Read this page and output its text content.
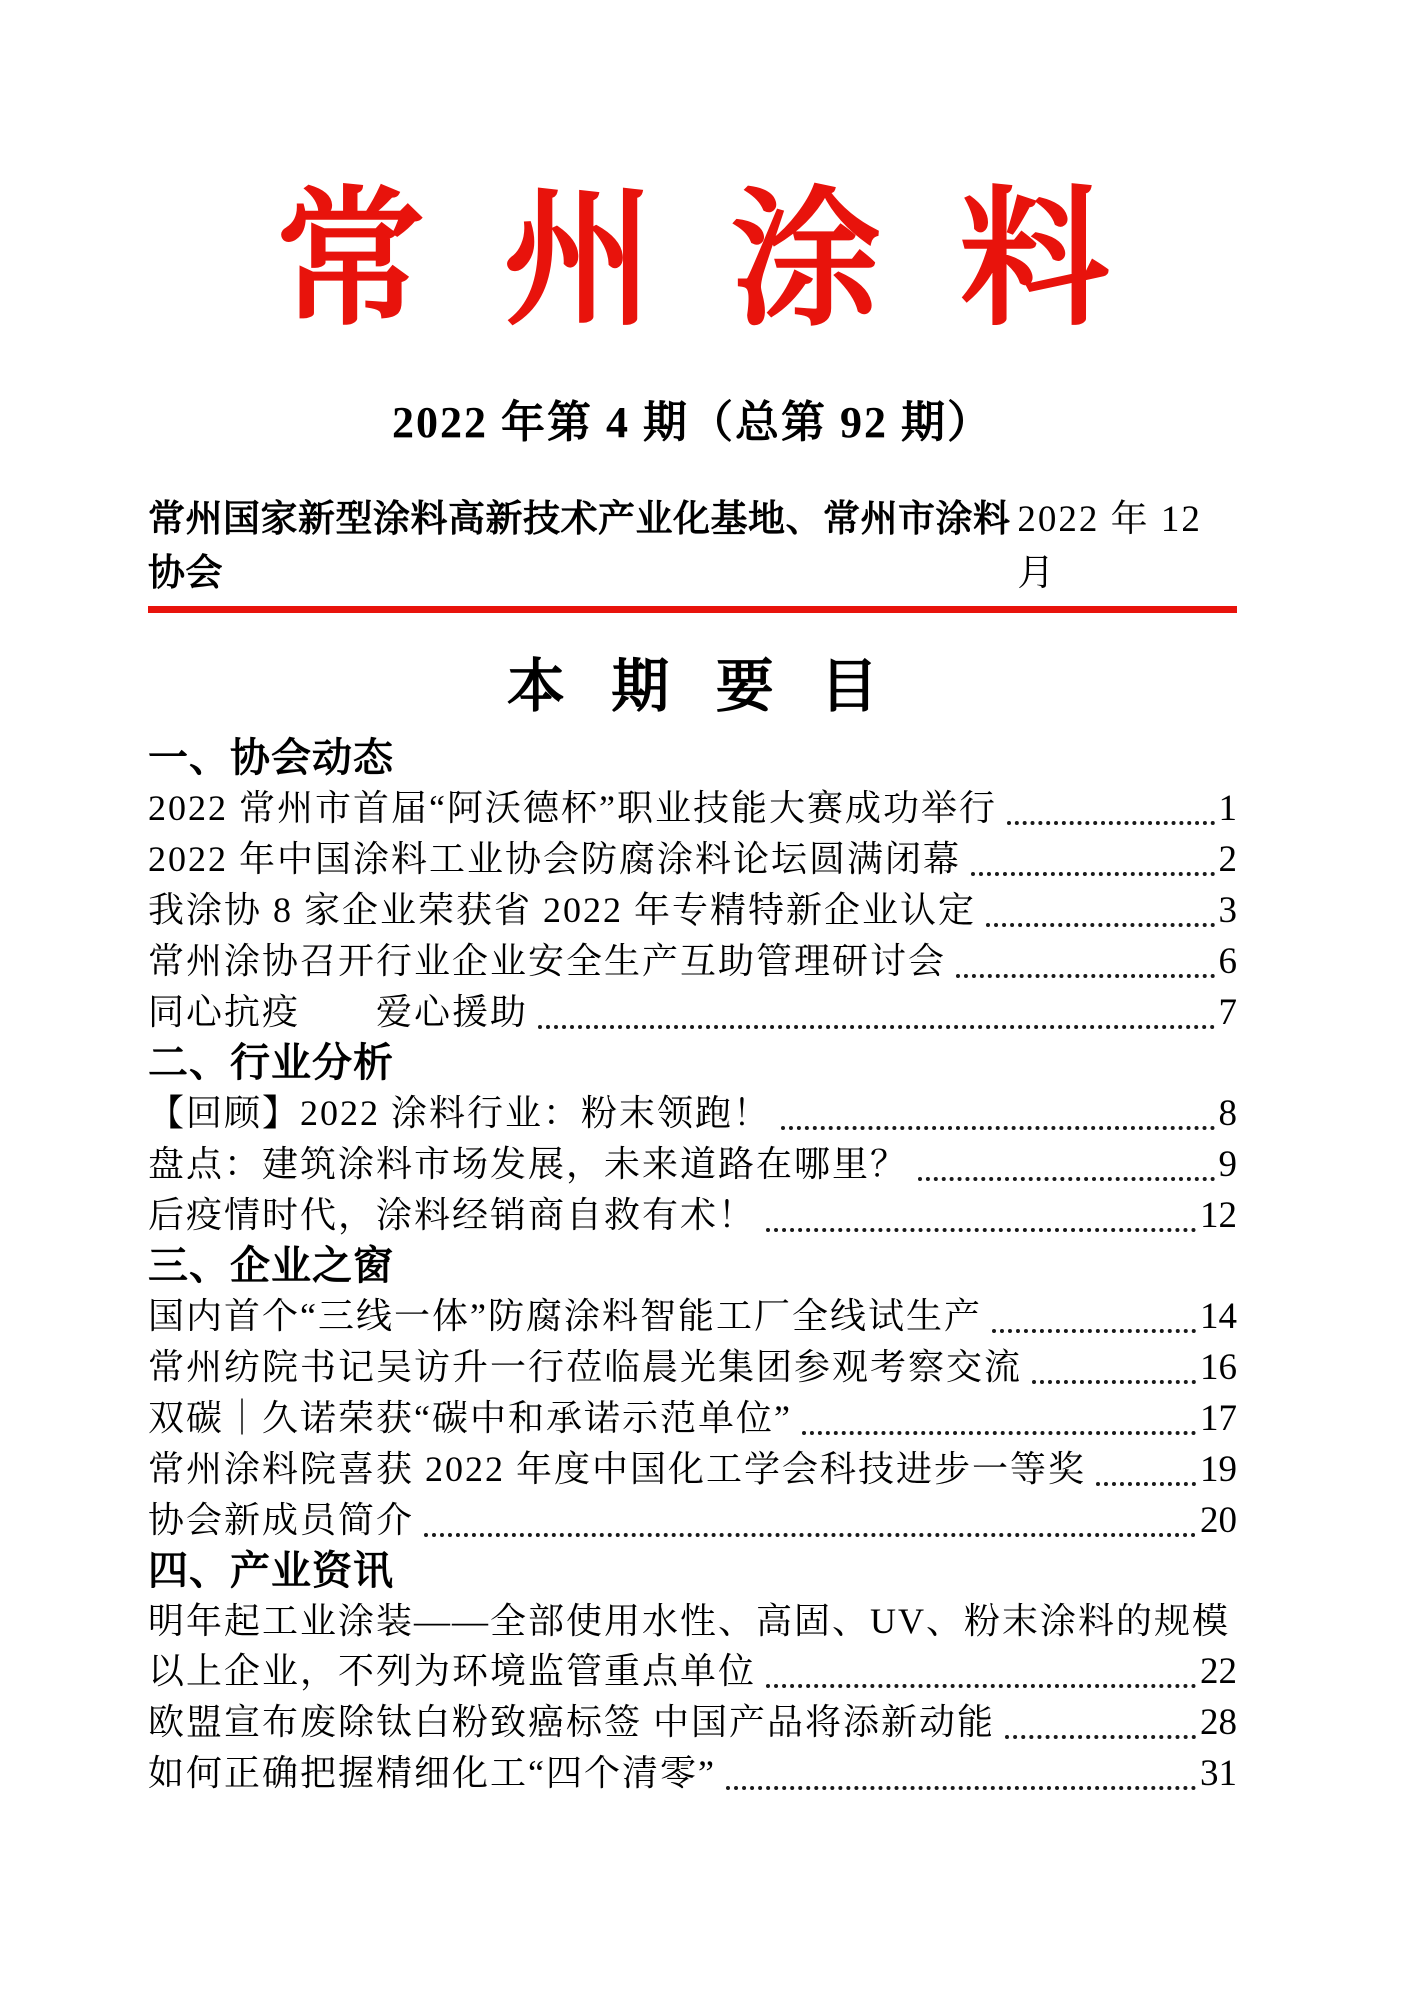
常州涂料
2022 年第 4 期（总第 92 期）
常州国家新型涂料高新技术产业化基地、常州市涂料协会
2022 年 12 月
本期要目
一、协会动态
2022 常州市首届“阿沃德杯”职业技能大赛成功举行	1
2022 年中国涂料工业协会防腐涂料论坛圆满闭幕	2
我涂协 8 家企业荣获省 2022 年专精特新企业认定	3
常州涂协召开行业企业安全生产互助管理研讨会	6
同心抗疫　　爱心援助	7
二、行业分析
【回顾】2022 涂料行业：粉末领跑！	8
盘点：建筑涂料市场发展，未来道路在哪里？	9
后疫情时代，涂料经销商自救有术！	12
三、企业之窗
国内首个“三线一体”防腐涂料智能工厂全线试生产	14
常州纺院书记吴访升一行莅临晨光集团参观考察交流	16
双碳｜久诺荣获“碳中和承诺示范单位”	17
常州涂料院喜获 2022 年度中国化工学会科技进步一等奖	19
协会新成员简介	20
四、产业资讯
明年起工业涂装——全部使用水性、高固、UV、粉末涂料的规模
以上企业，不列为环境监管重点单位	22
欧盟宣布废除钛白粉致癌标签 中国产品将添新动能	28
如何正确把握精细化工“四个清零”	31
